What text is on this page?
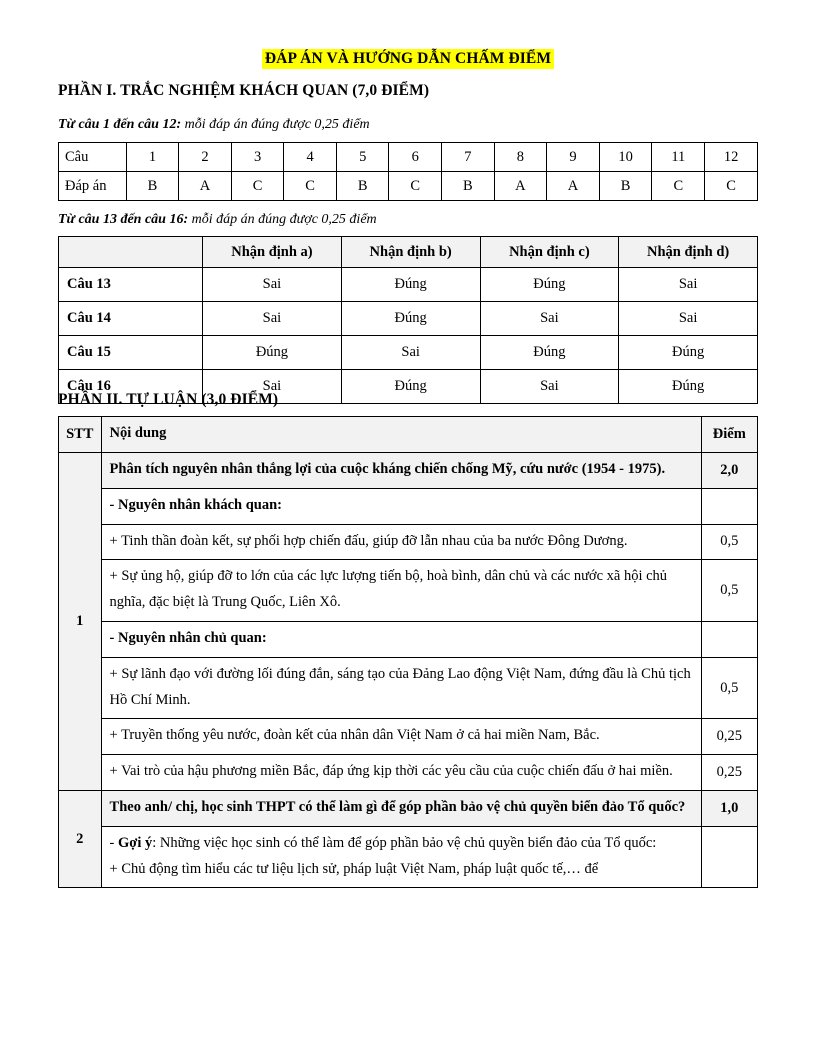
ĐÁP ÁN VÀ HƯỚNG DẪN CHẤM ĐIỂM
PHẦN I. TRẮC NGHIỆM KHÁCH QUAN (7,0 ĐIỂM)
Từ câu 1 đến câu 12: mỗi đáp án đúng được 0,25 điểm
Câu	1	2	3	4	5	6	7	8	9	10	11	12
Đáp án	B	A	C	C	B	C	B	A	A	B	C	C
Từ câu 13 đến câu 16: mỗi đáp án đúng được 0,25 điểm
	Nhận định a)	Nhận định b)	Nhận định c)	Nhận định d)
Câu 13	Sai	Đúng	Đúng	Sai
Câu 14	Sai	Đúng	Sai	Sai
Câu 15	Đúng	Sai	Đúng	Đúng
Câu 16	Sai	Đúng	Sai	Đúng
PHẦN II. TỰ LUẬN (3,0 ĐIỂM)
STT	Nội dung	Điểm
1	Phân tích nguyên nhân thắng lợi của cuộc kháng chiến chống Mỹ, cứu nước (1954 - 1975).	2,0
	- Nguyên nhân khách quan:	
	+ Tinh thần đoàn kết, sự phối hợp chiến đấu, giúp đỡ lẫn nhau của ba nước Đông Dương.	0,5
	+ Sự ủng hộ, giúp đỡ to lớn của các lực lượng tiến bộ, hoà bình, dân chủ và các nước xã hội chủ nghĩa, đặc biệt là Trung Quốc, Liên Xô.	0,5
	- Nguyên nhân chủ quan:	
	+ Sự lãnh đạo với đường lối đúng đắn, sáng tạo của Đảng Lao động Việt Nam, đứng đầu là Chủ tịch Hồ Chí Minh.	0,5
	+ Truyền thống yêu nước, đoàn kết của nhân dân Việt Nam ở cả hai miền Nam, Bắc.	0,25
	+ Vai trò của hậu phương miền Bắc, đáp ứng kịp thời các yêu cầu của cuộc chiến đấu ở hai miền.	0,25
2	Theo anh/ chị, học sinh THPT có thể làm gì để góp phần bảo vệ chủ quyền biển đảo Tổ quốc?	1,0
	- Gợi ý: Những việc học sinh có thể làm để góp phần bảo vệ chủ quyền biển đảo của Tổ quốc:
+ Chủ động tìm hiểu các tư liệu lịch sử, pháp luật Việt Nam, pháp luật quốc tế,… để	
